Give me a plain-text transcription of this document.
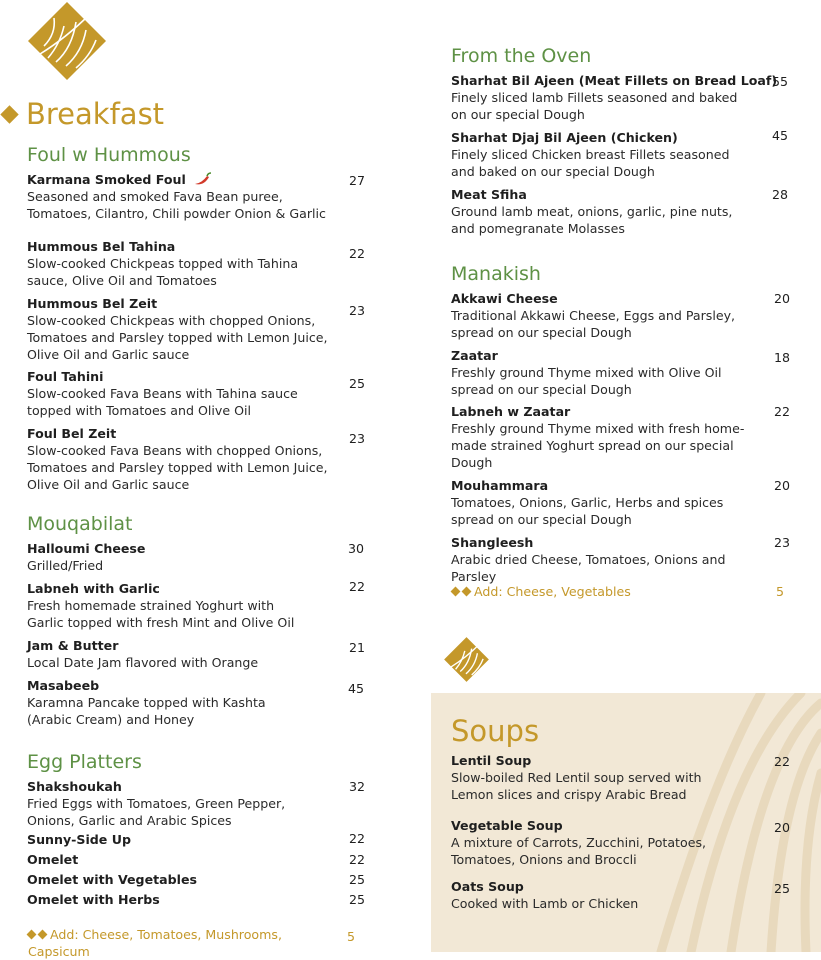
Breakfast
Foul w Hummous
Karmana Smoked Foul
Seasoned and smoked Fava Bean puree, Tomatoes, Cilantro, Chili powder Onion & Garlic
27
Hummous Bel Tahina
Slow-cooked Chickpeas topped with Tahina sauce, Olive Oil and Tomatoes
22
Hummous Bel Zeit
Slow-cooked Chickpeas with chopped Onions, Tomatoes and Parsley topped with Lemon Juice, Olive Oil and Garlic sauce
23
Foul Tahini
Slow-cooked Fava Beans with Tahina sauce topped with Tomatoes and Olive Oil
25
Foul Bel Zeit
Slow-cooked Fava Beans with chopped Onions, Tomatoes and Parsley topped with Lemon Juice, Olive Oil and Garlic sauce
23
Mouqabilat
Halloumi Cheese
Grilled/Fried
30
Labneh with Garlic
Fresh homemade strained Yoghurt with Garlic topped with fresh Mint and Olive Oil
22
Jam & Butter
Local Date Jam flavored with Orange
21
Masabeeb
Karamna Pancake topped with Kashta (Arabic Cream) and Honey
45
Egg Platters
Shakshoukah
Fried Eggs with Tomatoes, Green Pepper, Onions, Garlic and Arabic Spices
32
Sunny-Side Up	22
Omelet	22
Omelet with Vegetables	25
Omelet with Herbs	25
Add: Cheese, Tomatoes, Mushrooms, Capsicum
5
From the Oven
Sharhat Bil Ajeen (Meat Fillets on Bread Loaf)
Finely sliced lamb Fillets seasoned and baked on our special Dough
55
Sharhat Djaj Bil Ajeen (Chicken)
Finely sliced Chicken breast Fillets seasoned and baked on our special Dough
45
Meat Sfiha
Ground lamb meat, onions, garlic, pine nuts, and pomegranate Molasses
28
Manakish
Akkawi Cheese
Traditional Akkawi Cheese, Eggs and Parsley, spread on our special Dough
20
Zaatar
Freshly ground Thyme mixed with Olive Oil spread on our special Dough
18
Labneh w Zaatar
Freshly ground Thyme mixed with fresh home-made strained Yoghurt spread on our special Dough
22
Mouhammara
Tomatoes, Onions, Garlic, Herbs and spices spread on our special Dough
20
Shangleesh
Arabic dried Cheese, Tomatoes, Onions and Parsley
23
Add: Cheese, Vegetables	5
Soups
Lentil Soup
Slow-boiled Red Lentil soup served with Lemon slices and crispy Arabic Bread
22
Vegetable Soup
A mixture of Carrots, Zucchini, Potatoes, Tomatoes, Onions and Broccli
20
Oats Soup
Cooked with Lamb or Chicken
25
